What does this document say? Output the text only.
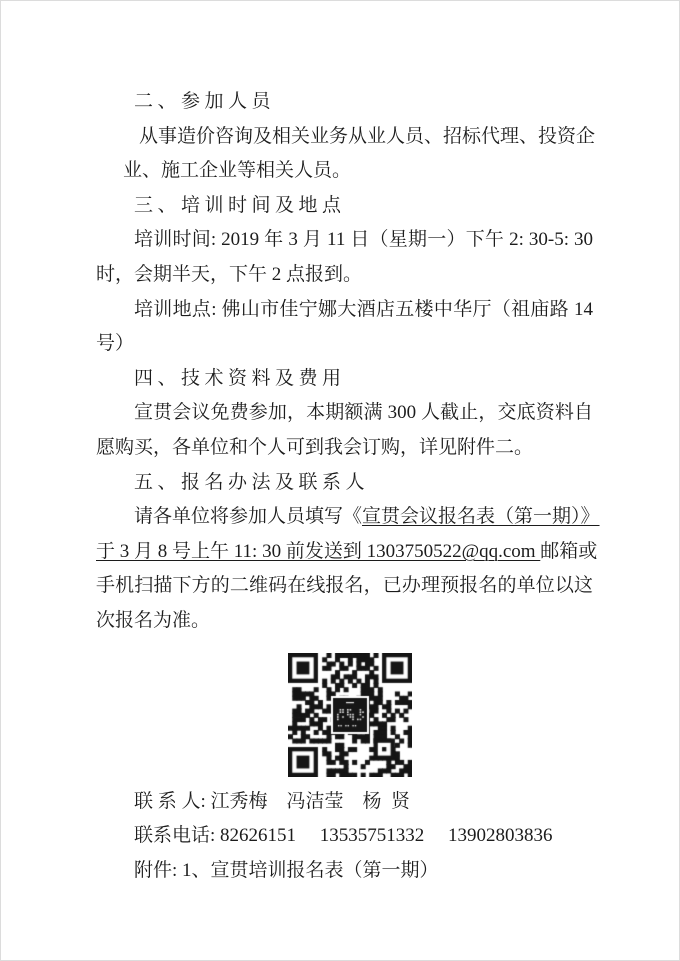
二、参加人员
从事造价咨询及相关业务从业人员、招标代理、投资企
业、施工企业等相关人员。
三、培训时间及地点
培训时间: 2019 年 3 月 11 日（星期一）下午 2: 30-5: 30
时，会期半天，下午 2 点报到。
培训地点: 佛山市佳宁娜大酒店五楼中华厅（祖庙路 14
号）
四、技术资料及费用
宣贯会议免费参加，本期额满 300 人截止，交底资料自
愿购买，各单位和个人可到我会订购，详见附件二。
五、报名办法及联系人
请各单位将参加人员填写《宣贯会议报名表（第一期）》
于 3 月 8 号上午 11: 30 前发送到 1303750522@qq.com 邮箱或
手机扫描下方的二维码在线报名，已办理预报名的单位以这
次报名为准。
联 系 人: 江秀梅    冯洁莹    杨  贤
联系电话: 82626151     13535751332     13902803836
附件: 1、宣贯培训报名表（第一期）
